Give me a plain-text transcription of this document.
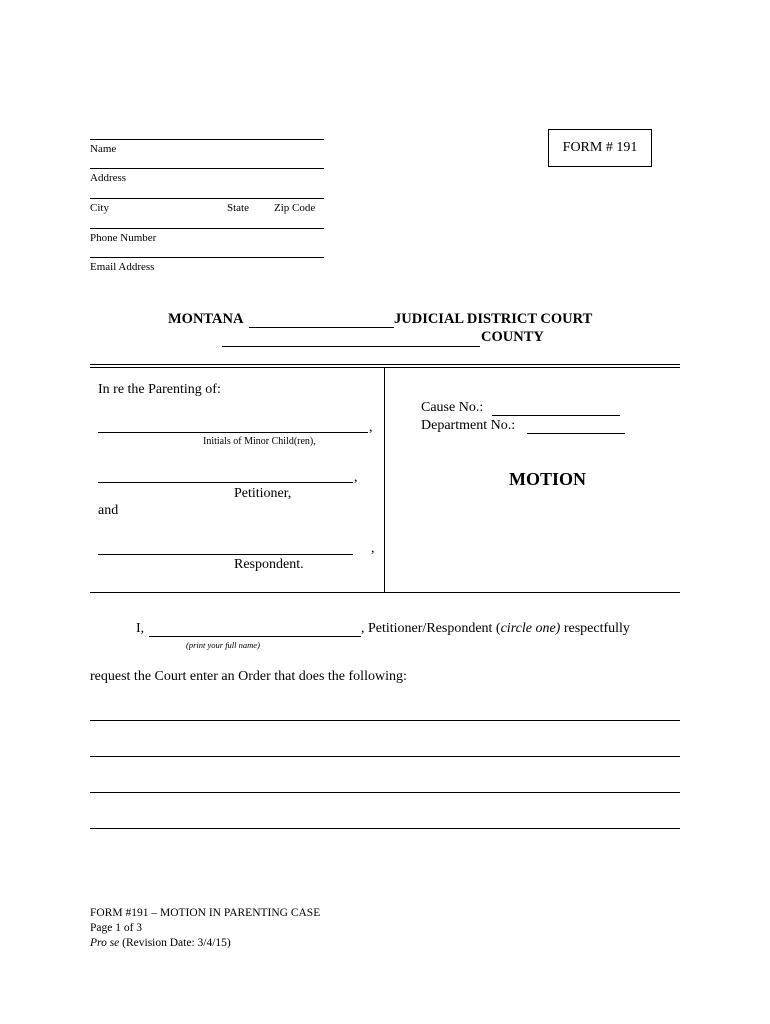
Name
Address
City	State Zip Code
Phone Number
Email Address
FORM # 191
MONTANA	JUDICIAL DISTRICT COURT
COUNTY
In re the Parenting of:
,
Initials of Minor Child(ren),
,
Petitioner,
and
,
Respondent.
Cause No.:
Department No.:
MOTION
I,	, Petitioner/Respondent (circle one) respectfully
(print your full name)
request the Court enter an Order that does the following:
FORM #191 – MOTION IN PARENTING CASE
Page 1 of 3
Pro se (Revision Date: 3/4/15)
